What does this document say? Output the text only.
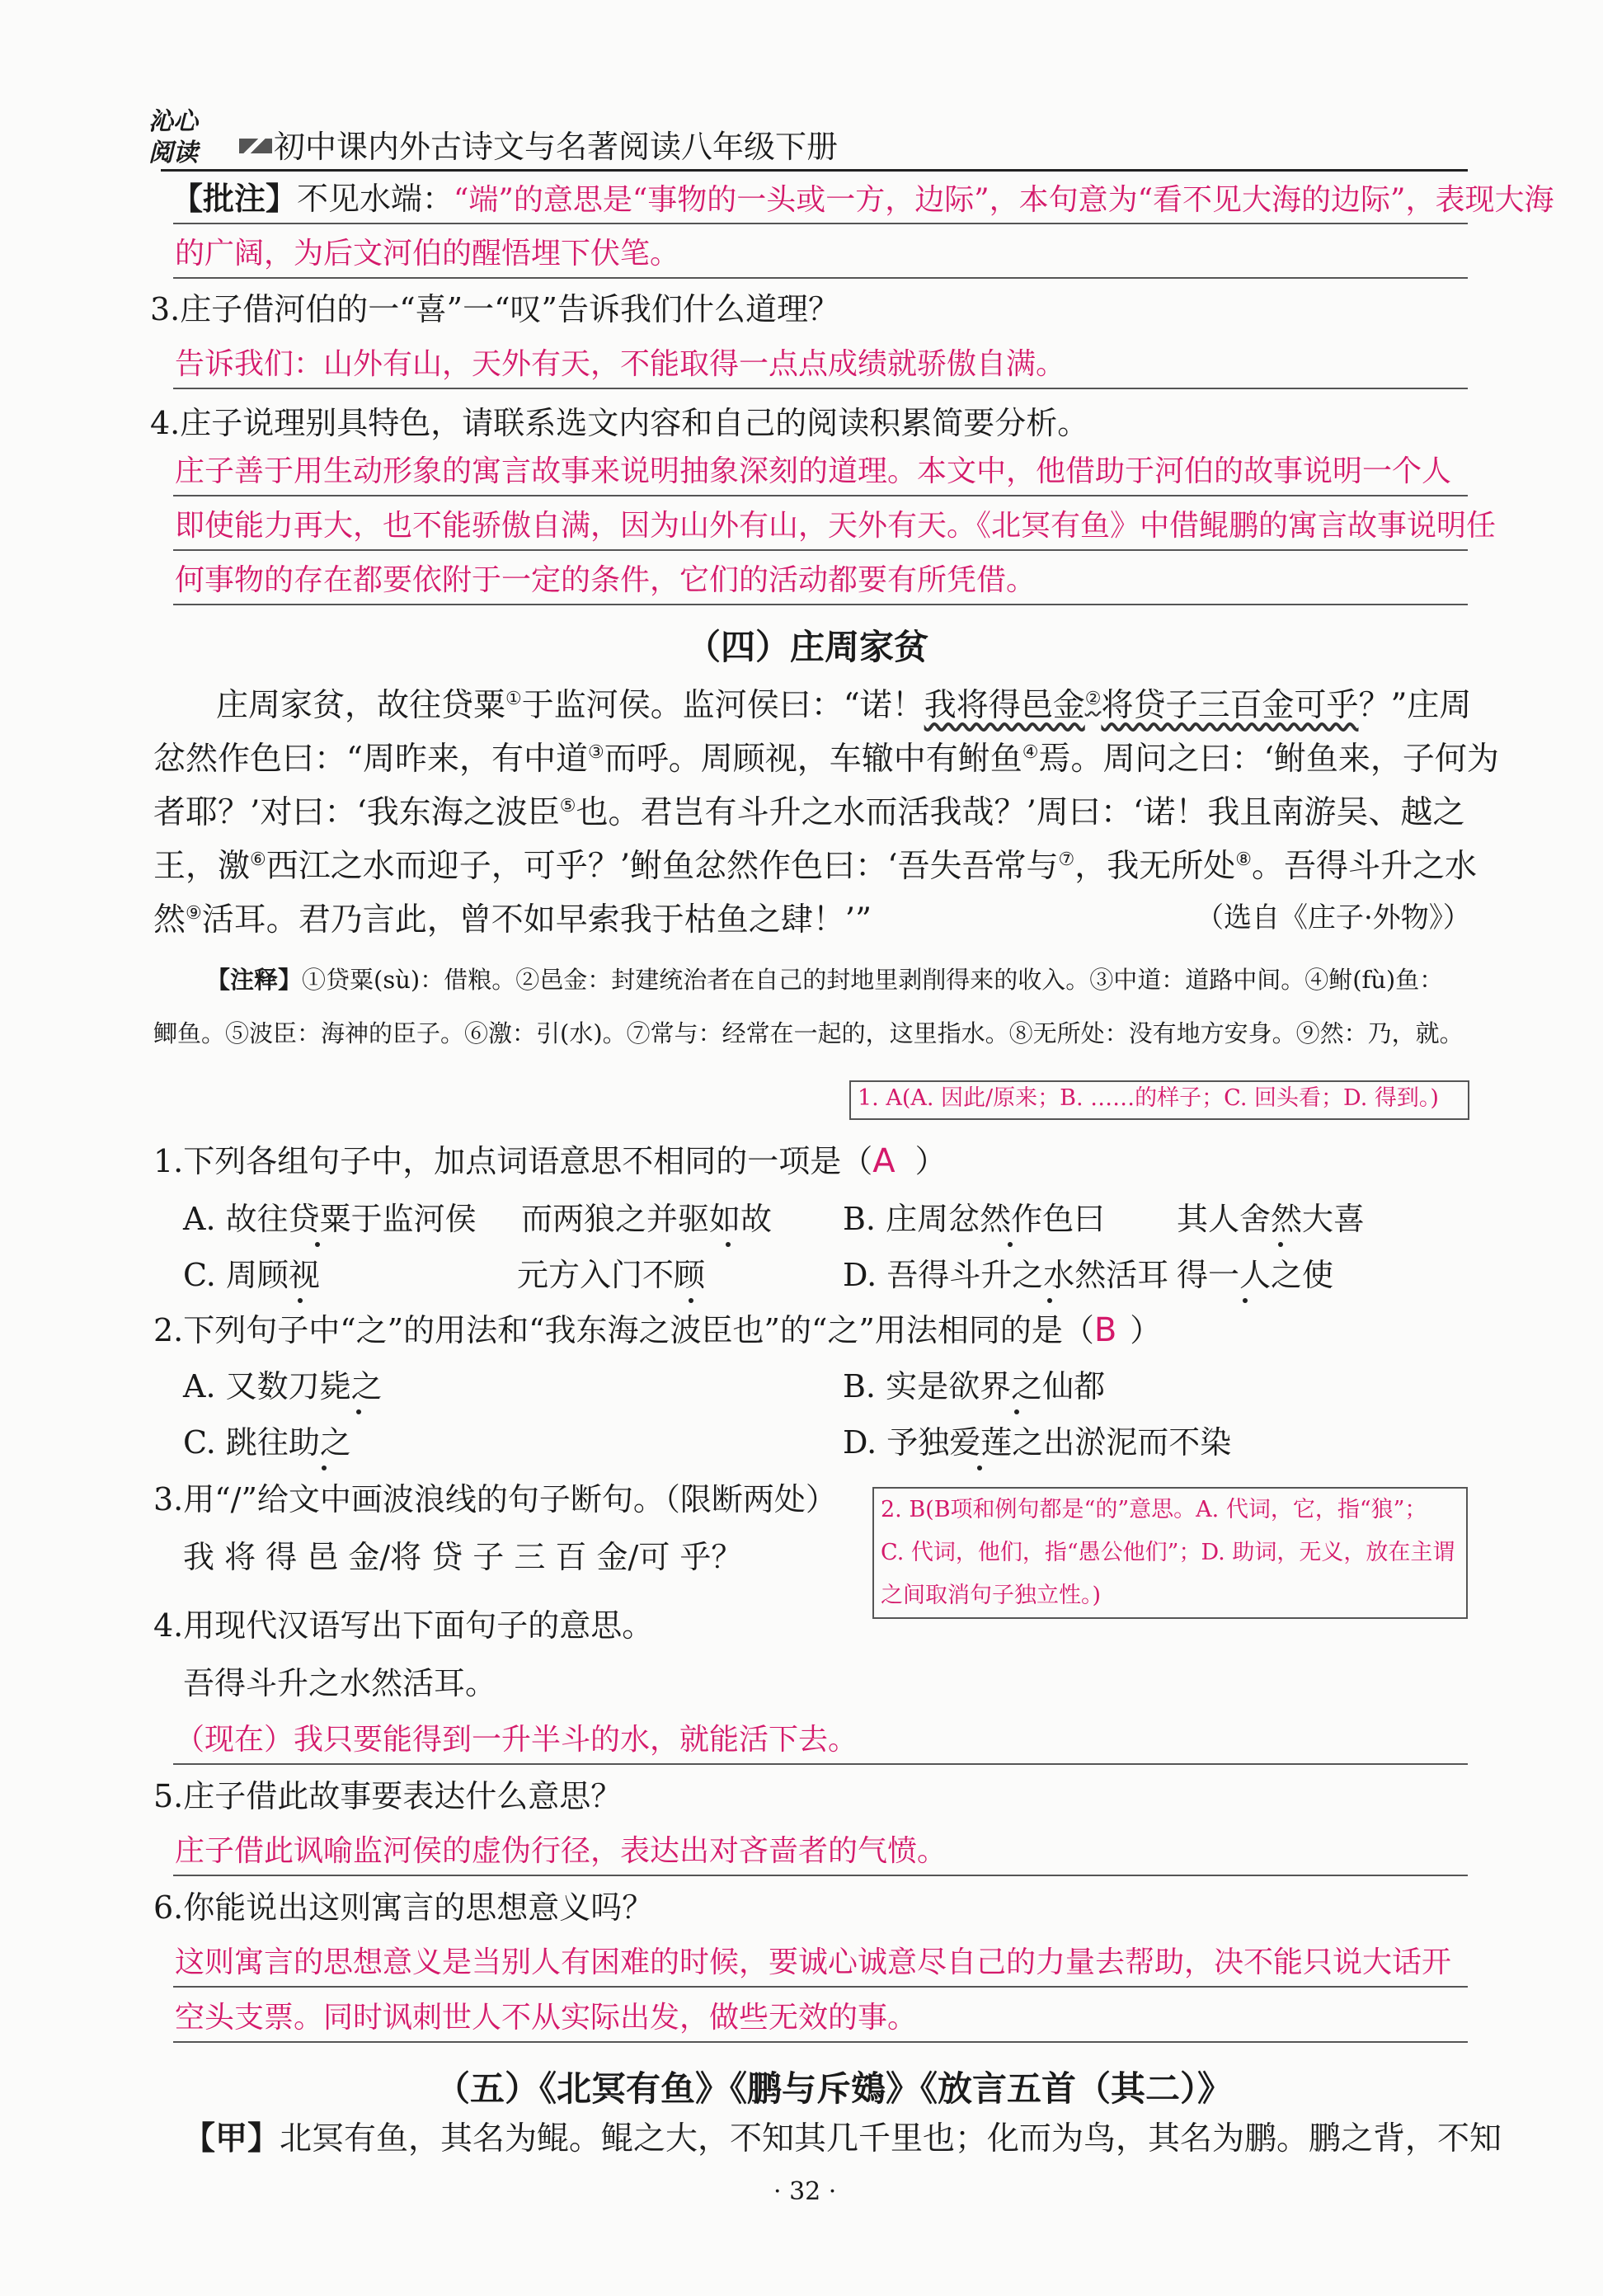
沁心
阅读 初中课内外古诗文与名著阅读八年级下册
【批注】不见水端：“端”的意思是“事物的一头或一方，边际”，本句意为“看不见大海的边际”，表现大海
的广阔，为后文河伯的醒悟埋下伏笔。
3.庄子借河伯的一“喜”一“叹”告诉我们什么道理？
告诉我们：山外有山，天外有天，不能取得一点点成绩就骄傲自满。
4.庄子说理别具特色，请联系选文内容和自己的阅读积累简要分析。
庄子善于用生动形象的寓言故事来说明抽象深刻的道理。本文中，他借助于河伯的故事说明一个人
即使能力再大，也不能骄傲自满，因为山外有山，天外有天。《北冥有鱼》中借鲲鹏的寓言故事说明任
何事物的存在都要依附于一定的条件，它们的活动都要有所凭借。
（四）庄周家贫
庄周家贫，故往贷粟①于监河侯。监河侯曰：“诺！我将得邑金②将贷子三百金可乎？”庄周
忿然作色曰：“周昨来，有中道③而呼。周顾视，车辙中有鲋鱼④焉。周问之曰：‘鲋鱼来，子何为
者耶？’对曰：‘我东海之波臣⑤也。君岂有斗升之水而活我哉？’周曰：‘诺！我且南游吴、越之
王，激⑥西江之水而迎子，可乎？’鲋鱼忿然作色曰：‘吾失吾常与⑦，我无所处⑧。吾得斗升之水
然⑨活耳。君乃言此，曾不如早索我于枯鱼之肆！’”	（选自《庄子·外物》）
【注释】①贷粟(sù)：借粮。②邑金：封建统治者在自己的封地里剥削得来的收入。③中道：道路中间。④鲋(fù)鱼：
鲫鱼。⑤波臣：海神的臣子。⑥激：引(水)。⑦常与：经常在一起的，这里指水。⑧无所处：没有地方安身。⑨然：乃，就。
1. A(A. 因此/原来；B. ……的样子；C. 回头看；D. 得到。)
1.下列各组句子中，加点词语意思不相同的一项是（A ）
A. 故往贷粟于监河侯 而两狼之并驱如故 B. 庄周忿然作色曰 其人舍然大喜
C. 周顾视	元方入门不顾	D. 吾得斗升之水然活耳 得一人之使
2.下列句子中“之”的用法和“我东海之波臣也”的“之”用法相同的是（B ）
A. 又数刀毙之	B. 实是欲界之仙都
C. 跳往助之	D. 予独爱莲之出淤泥而不染
3.用“/”给文中画波浪线的句子断句。（限断两处）
我 将 得 邑 金/将 贷 子 三 百 金/可 乎？
2. B(B项和例句都是“的”意思。A. 代词，它，指“狼”；
C. 代词，他们，指“愚公他们”；D. 助词，无义，放在主谓
之间取消句子独立性。)
4.用现代汉语写出下面句子的意思。
吾得斗升之水然活耳。
（现在）我只要能得到一升半斗的水，就能活下去。
5.庄子借此故事要表达什么意思？
庄子借此讽喻监河侯的虚伪行径，表达出对吝啬者的气愤。
6.你能说出这则寓言的思想意义吗？
这则寓言的思想意义是当别人有困难的时候，要诚心诚意尽自己的力量去帮助，决不能只说大话开
空头支票。同时讽刺世人不从实际出发，做些无效的事。
（五）《北冥有鱼》《鹏与斥鴳》《放言五首（其二）》
【甲】北冥有鱼，其名为鲲。鲲之大，不知其几千里也；化而为鸟，其名为鹏。鹏之背，不知
· 32 ·
